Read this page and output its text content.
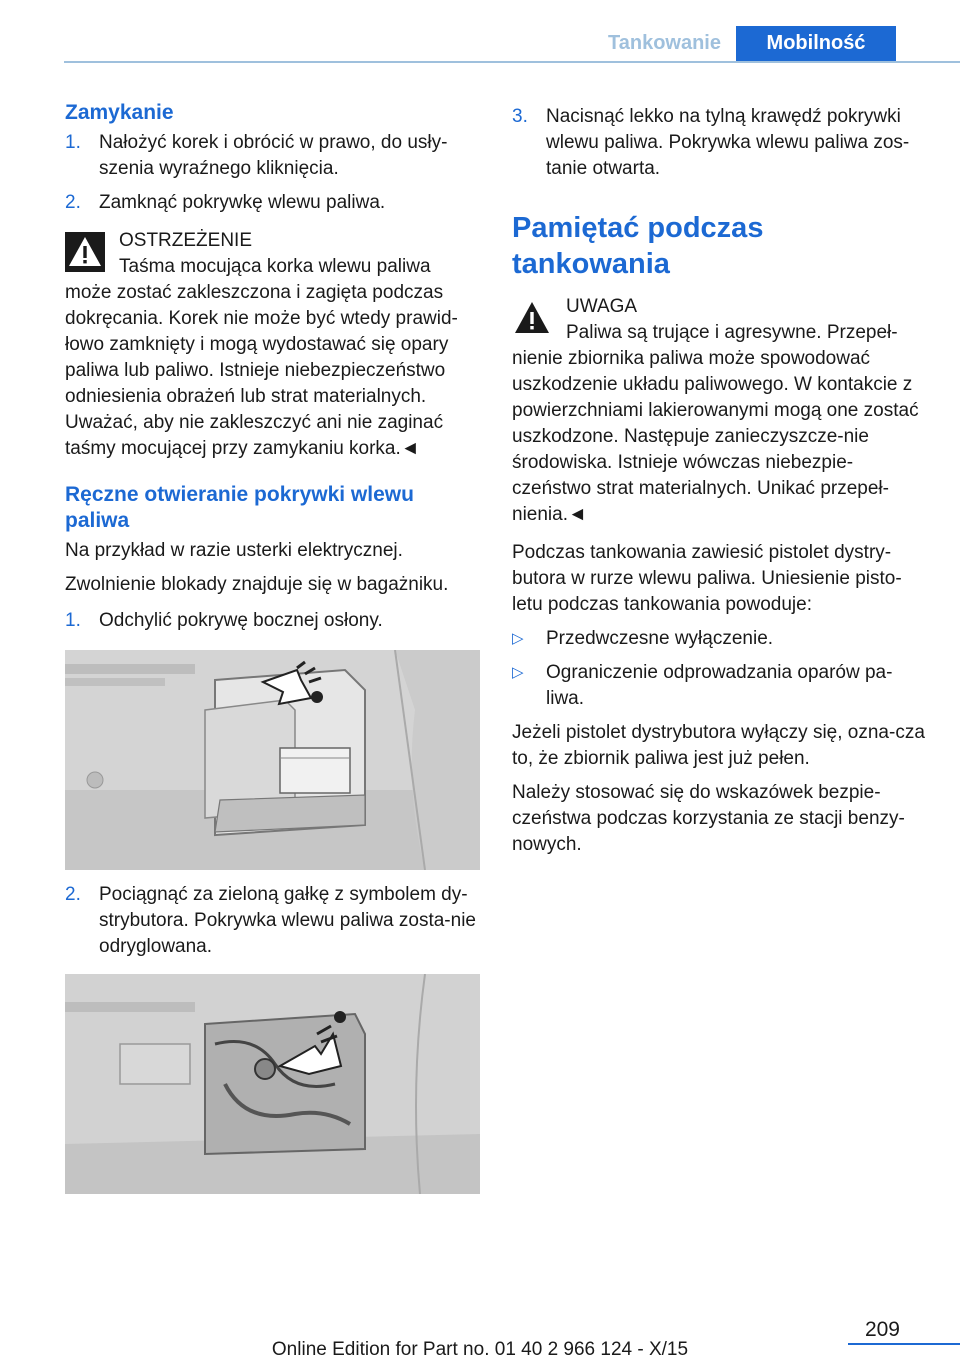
Tankowanie	Mobilność
Zamykanie
1. Nałożyć korek i obrócić w prawo, do usły‐szenia wyraźnego kliknięcia.
2. Zamknąć pokrywkę wlewu paliwa.
OSTRZEŻENIE
Taśma mocująca korka wlewu paliwa może zostać zakleszczona i zagięta podczas dokręcania. Korek nie może być wtedy prawid‐łowo zamknięty i mogą wydostawać się opary paliwa lub paliwo. Istnieje niebezpieczeństwo odniesienia obrażeń lub strat materialnych. Uważać, aby nie zakleszczyć ani nie zaginać taśmy mocującej przy zamykaniu korka.◄
Ręczne otwieranie pokrywki wlewu paliwa

Na przykład w razie usterki elektrycznej.

Zwolnienie blokady znajduje się w bagażniku.

1. Odchylić pokrywę bocznej osłony.
2. Pociągnąć za zieloną gałkę z symbolem dy‐strybutora. Pokrywka wlewu paliwa zosta‐nie odryglowana.
3. Nacisnąć lekko na tylną krawędź pokrywki wlewu paliwa. Pokrywka wlewu paliwa zos‐tanie otwarta.
Pamiętać podczas tankowania
UWAGA
Paliwa są trujące i agresywne. Przepeł‐nienie zbiornika paliwa może spowodować uszkodzenie układu paliwowego. W kontakcie z powierzchniami lakierowanymi mogą one zostać uszkodzone. Następuje zanieczyszcze‐nie środowiska. Istnieje wówczas niebezpie‐czeństwo strat materialnych. Unikać przepeł‐nienia.◄

Podczas tankowania zawiesić pistolet dystry‐butora w rurze wlewu paliwa. Uniesienie pisto‐letu podczas tankowania powoduje:

▷	Przedwczesne wyłączenie.
▷	Ograniczenie odprowadzania oparów pa‐liwa.

Jeżeli pistolet dystrybutora wyłączy się, ozna‐cza to, że zbiornik paliwa jest już pełen.

Należy stosować się do wskazówek bezpie‐czeństwa podczas korzystania ze stacji benzy‐nowych.

209
Online Edition for Part no. 01 40 2 966 124 - X/15
